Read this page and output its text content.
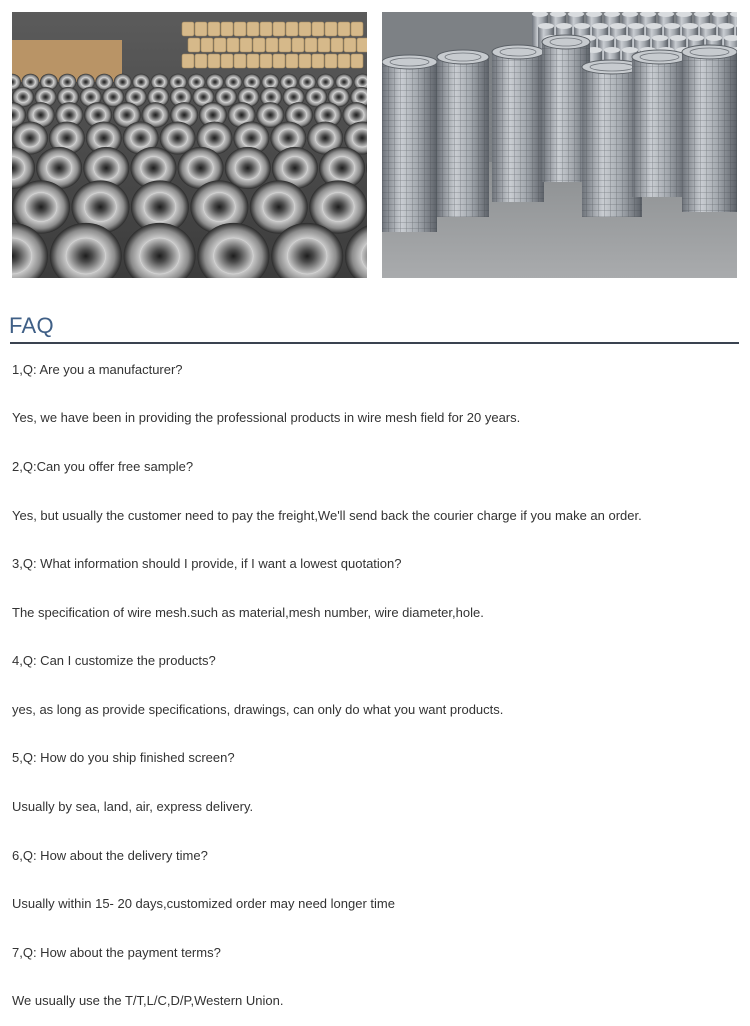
FAQ

1,Q: Are you a manufacturer?

Yes, we have been in providing the professional products in wire mesh field for 20 years.

2,Q:Can you offer free sample?

Yes, but usually the customer need to pay the freight,We'll send back the courier charge if you make an order.

3,Q: What information should I provide, if I want a lowest quotation?

The specification of wire mesh.such as material,mesh number, wire diameter,hole.

4,Q: Can I customize the products?

yes, as long as provide specifications, drawings, can only do what you want products.

5,Q: How do you ship finished screen?

Usually by sea, land, air, express delivery.

6,Q: How about the delivery time?

Usually within 15- 20 days,customized order may need longer time

7,Q: How about the payment terms?

We usually use the T/T,L/C,D/P,Western Union.
